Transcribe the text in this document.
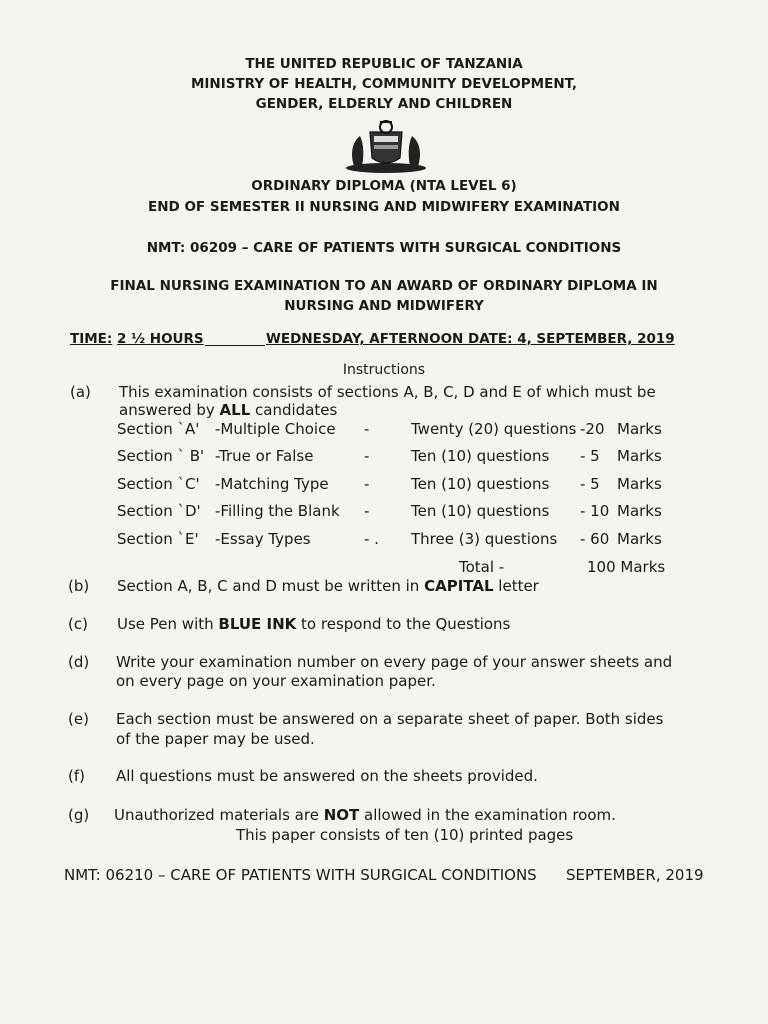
THE UNITED REPUBLIC OF TANZANIA
MINISTRY OF HEALTH, COMMUNITY DEVELOPMENT,
GENDER, ELDERLY AND CHILDREN
ORDINARY DIPLOMA (NTA LEVEL 6)
END OF SEMESTER II NURSING AND MIDWIFERY EXAMINATION
NMT: 06209 – CARE OF PATIENTS WITH SURGICAL CONDITIONS
FINAL NURSING EXAMINATION TO AN AWARD OF ORDINARY DIPLOMA IN
NURSING AND MIDWIFERY
TIME: 2 ½ HOURS	WEDNESDAY, AFTERNOON DATE: 4, SEPTEMBER, 2019
Instructions
(a) This examination consists of sections A, B, C, D and E of which must be
answered by ALL candidates
Section `A' -Multiple Choice -	Twenty (20) questions -20 Marks
Section ` B' -True or False	-	Ten (10) questions - 5 Marks
Section `C' -Matching Type -	Ten (10) questions - 5 Marks
Section `D' -Filling the Blank -	Ten (10) questions - 10 Marks
Section `E' -Essay Types	- . Three (3) questions - 60 Marks
Total -	100 Marks
(b) Section A, B, C and D must be written in CAPITAL letter
(c) Use Pen with BLUE INK to respond to the Questions
(d) Write your examination number on every page of your answer sheets and
on every page on your examination paper.
(e) Each section must be answered on a separate sheet of paper. Both sides
of the paper may be used.
(f) All questions must be answered on the sheets provided.
(g) Unauthorized materials are NOT allowed in the examination room.
This paper consists of ten (10) printed pages
NMT: 06210 – CARE OF PATIENTS WITH SURGICAL CONDITIONS SEPTEMBER, 2019
